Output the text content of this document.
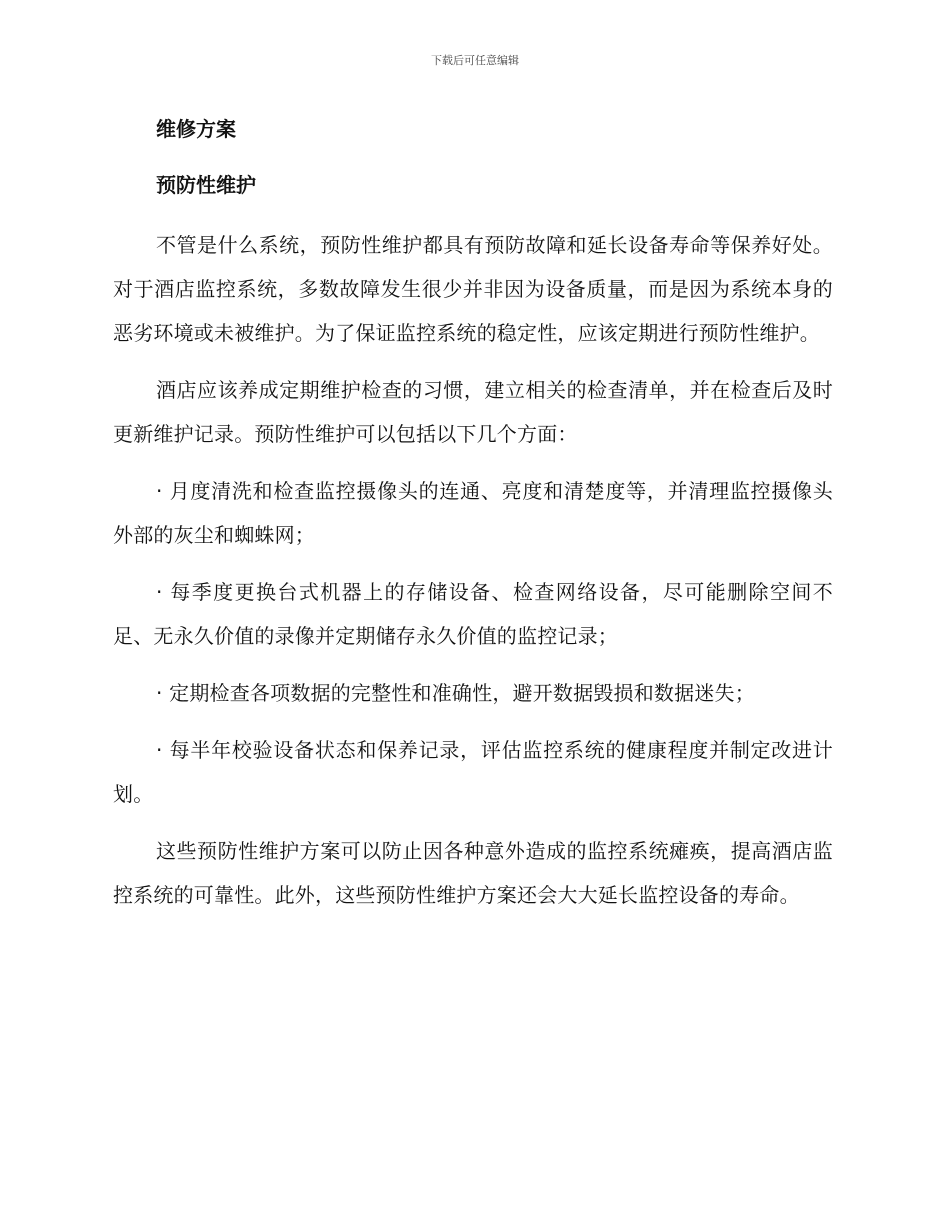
下载后可任意编辑
维修方案
预防性维护

不管是什么系统，预防性维护都具有预防故障和延长设备寿命等保养好处。对于酒店监控系统，多数故障发生很少并非因为设备质量，而是因为系统本身的恶劣环境或未被维护。为了保证监控系统的稳定性，应该定期进行预防性维护。

酒店应该养成定期维护检查的习惯，建立相关的检查清单，并在检查后及时更新维护记录。预防性维护可以包括以下几个方面：

· 月度清洗和检查监控摄像头的连通、亮度和清楚度等，并清理监控摄像头外部的灰尘和蜘蛛网；

· 每季度更换台式机器上的存储设备、检查网络设备，尽可能删除空间不足、无永久价值的录像并定期储存永久价值的监控记录；

· 定期检查各项数据的完整性和准确性，避开数据毁损和数据迷失；

· 每半年校验设备状态和保养记录，评估监控系统的健康程度并制定改进计划。

这些预防性维护方案可以防止因各种意外造成的监控系统瘫痪，提高酒店监控系统的可靠性。此外，这些预防性维护方案还会大大延长监控设备的寿命。
